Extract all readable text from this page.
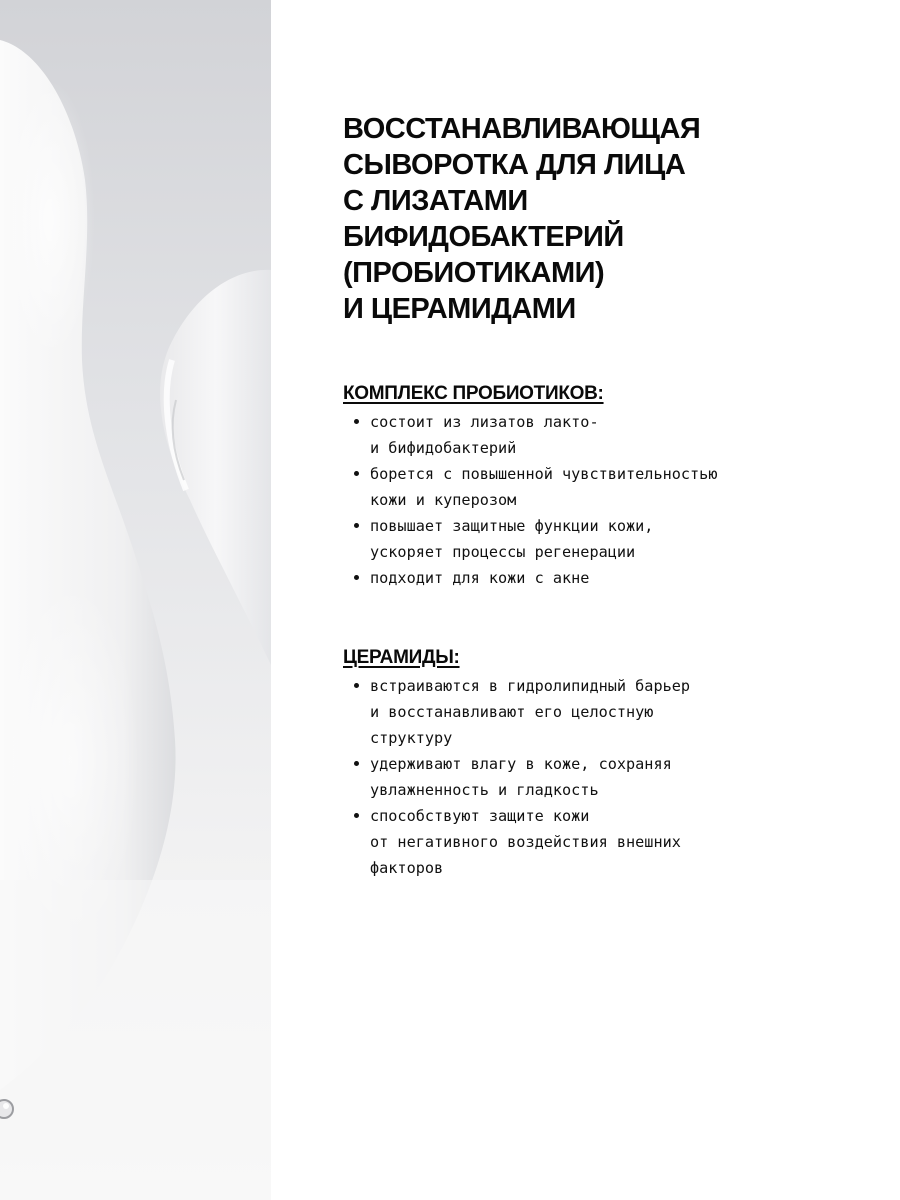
ВОССТАНАВЛИВАЮЩАЯ
СЫВОРОТКА ДЛЯ ЛИЦА
С ЛИЗАТАМИ
БИФИДОБАКТЕРИЙ
(ПРОБИОТИКАМИ)
И ЦЕРАМИДАМИ
КОМПЛЕКС ПРОБИОТИКОВ:
состоит из лизатов лакто-
и бифидобактерий
борется с повышенной чувствительностью
кожи и куперозом
повышает защитные функции кожи,
ускоряет процессы регенерации
подходит для кожи с акне
ЦЕРАМИДЫ:
встраиваются в гидролипидный барьер
и восстанавливают его целостную
структуру
удерживают влагу в коже, сохраняя
увлажненность и гладкость
способствуют защите кожи
от негативного воздействия внешних
факторов
